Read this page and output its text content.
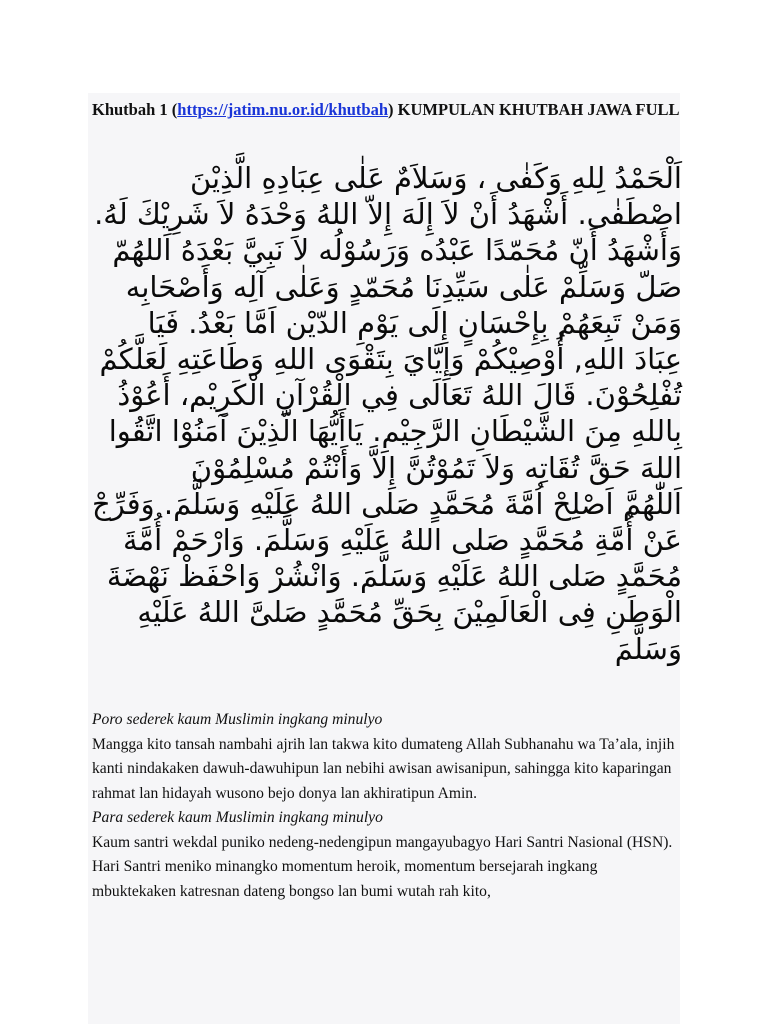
Khutbah 1 (https://jatim.nu.or.id/khutbah) KUMPULAN KHUTBAH JAWA FULL

اَلْحَمْدُ لِلهِ وَكَفٰى ، وَسَلاَمٌ عَلٰى عِبَادِهِ الَّذِيْنَ اصْطَفٰى. أَشْهَدُ أَنْ لاَ إِلَهَ إِلاّ اللهُ وَحْدَهُ لاَ شَرِيْكَ لَهُ. وَأَشْهَدُ أَنّ مُحَمّدًا عَبْدُه وَرَسُوْلُه لاَ نَبِيَّ بَعْدَهُ اَللهُمّ صَلّ وَسَلِّمْ عَلٰى سَيِّدِنَا مُحَمّدٍ وَعَلٰى آلِه وَأَصْحَابِه وَمَنْ تَبِعَهُمْ بِإِحْسَانٍ إِلَى يَوْمِ الدّيْن اَمَّا بَعْدُ. فَيَا عِبَادَ اللهِ, أُوْصِيْكُمْ وَإِيَّايَ بِتَقْوَى اللهِ وَطَاعَتِهِ لَعَلَّكُمْ تُفْلِحُوْنَ. قَالَ اللهُ تَعَالَى فِي الْقُرْآنِ الْكَرِيْم، أَعُوْذُ بِاللهِ مِنَ الشَّيْطَانِ الرَّجِيْمِ. يَاأَيُّهَا الَّذِيْنَ آمَنُوْا اتَّقُوا اللهَ حَقَّ تُقَاتِه وَلاَ تَمُوْتُنَّ إِلاَّ وَأَنْتُمْ مُسْلِمُوْنَ

اَللّٰهُمَّ اَصْلِحْ اُمَّةَ مُحَمَّدٍ صَلى اللهُ عَلَيْهِ وَسَلَّمَ. وَفَرِّجْ عَنْ أُمَّةِ مُحَمَّدٍ صَلى اللهُ عَلَيْهِ وَسَلَّمَ. وَارْحَمْ أُمَّةَ مُحَمَّدٍ صَلى اللهُ عَلَيْهِ وَسَلَّمَ. وَانْشُرْ وَاحْفَظْ نَهْضَةَ الْوَطَنِ فِى الْعَالَمِيْنَ بِحَقِّ مُحَمَّدٍ صَلىَّ اللهُ عَلَيْهِ وَسَلَّمَ

Poro sederek kaum Muslimin ingkang minulyo

Mangga kito tansah nambahi ajrih lan takwa kito dumateng Allah Subhanahu wa Ta’ala, injih kanti nindakaken dawuh-dawuhipun lan nebihi awisan awisanipun, sahingga kito kaparingan rahmat lan hidayah wusono bejo donya lan akhiratipun Amin.

Para sederek kaum Muslimin ingkang minulyo

Kaum santri wekdal puniko nedeng-nedengipun mangayubagyo Hari Santri Nasional (HSN). Hari Santri meniko minangko momentum heroik, momentum bersejarah ingkang mbuktekaken katresnan dateng bongso lan bumi wutah rah kito,
